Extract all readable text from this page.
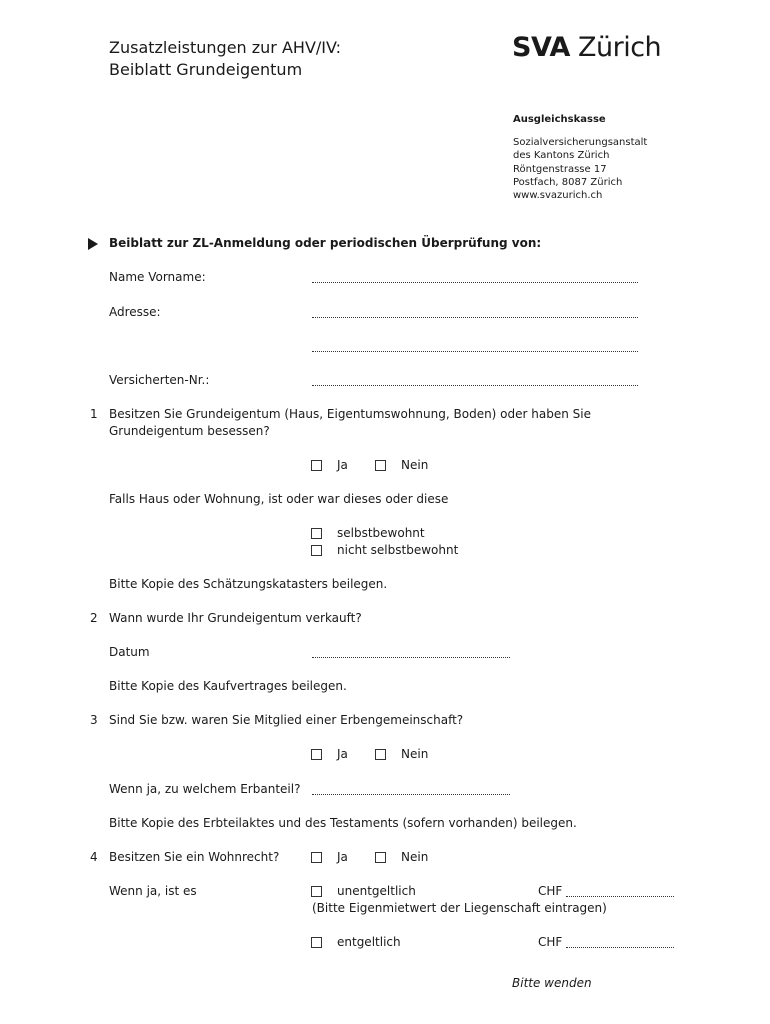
Zusatzleistungen zur AHV/IV:
Beiblatt Grundeigentum
SVA Zürich
Ausgleichskasse
Sozialversicherungsanstalt
des Kantons Zürich
Röntgenstrasse 17
Postfach, 8087 Zürich
www.svazurich.ch
Beiblatt zur ZL-Anmeldung oder periodischen Überprüfung von:
Name Vorname:
Adresse:
Versicherten-Nr.:
1 Besitzen Sie Grundeigentum (Haus, Eigentumswohnung, Boden) oder haben Sie
Grundeigentum besessen?
Ja	Nein
Falls Haus oder Wohnung, ist oder war dieses oder diese
selbstbewohnt
nicht selbstbewohnt
Bitte Kopie des Schätzungskatasters beilegen.
2 Wann wurde Ihr Grundeigentum verkauft?
Datum
Bitte Kopie des Kaufvertrages beilegen.
3 Sind Sie bzw. waren Sie Mitglied einer Erbengemeinschaft?
Ja	Nein
Wenn ja, zu welchem Erbanteil?
Bitte Kopie des Erbteilaktes und des Testaments (sofern vorhanden) beilegen.
4 Besitzen Sie ein Wohnrecht?	Ja	Nein
Wenn ja, ist es	unentgeltlich	CHF
(Bitte Eigenmietwert der Liegenschaft eintragen)
entgeltlich	CHF
Bitte wenden
